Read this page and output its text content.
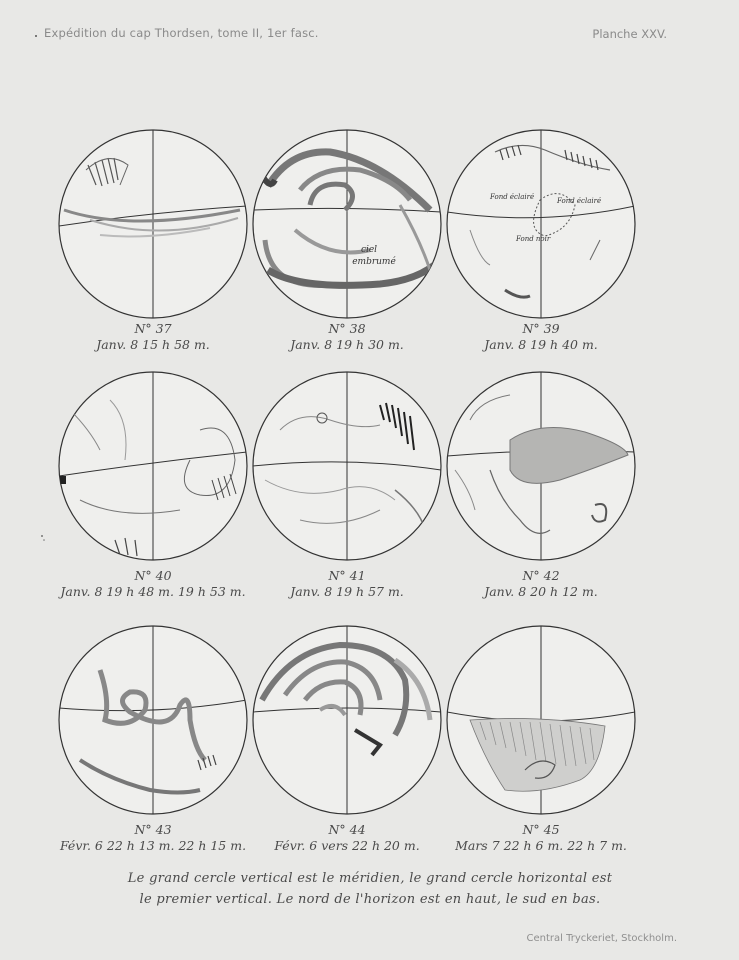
Expédition du cap Thordsen, tome II, 1er fasc.	Planche XXV.
ciel
embrumé
Fond éclairé	Fond éclairé
Fond noir
N° 37
Janv. 8 15 h 58 m.
N° 38
Janv. 8 19 h 30 m.
N° 39
Janv. 8 19 h 40 m.
N° 40
Janv. 8 19 h 48 m. 19 h 53 m.
N° 41
Janv. 8 19 h 57 m.
N° 42
Janv. 8 20 h 12 m.
N° 43
Févr. 6 22 h 13 m. 22 h 15 m.
N° 44
Févr. 6 vers 22 h 20 m.
N° 45
Mars 7 22 h 6 m. 22 h 7 m.
Le grand cercle vertical est le méridien, le grand cercle horizontal est
le premier vertical. Le nord de l'horizon est en haut, le sud en bas.
Central Tryckeriet, Stockholm.
